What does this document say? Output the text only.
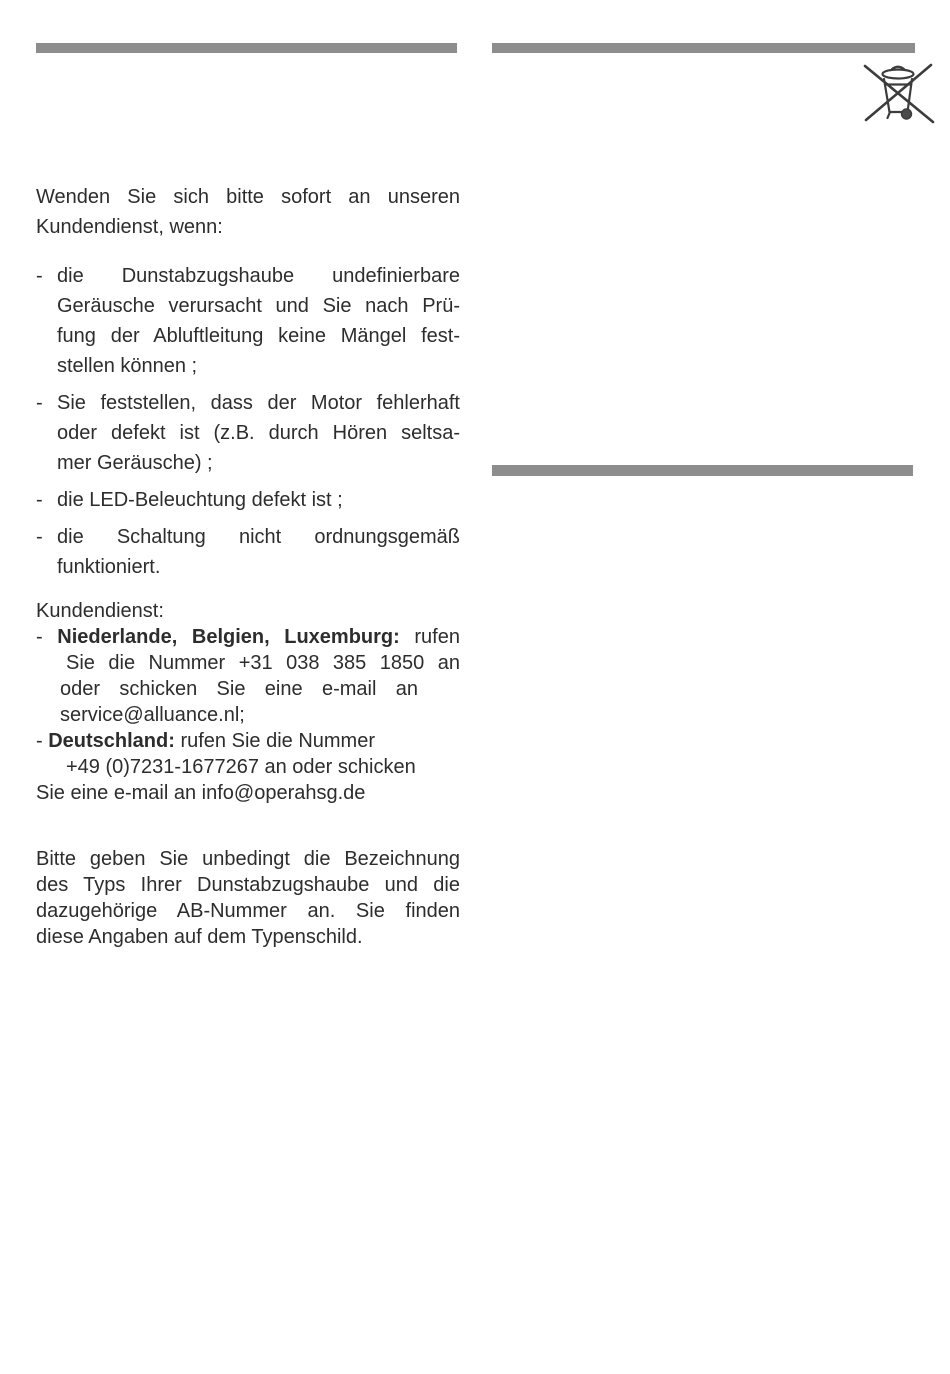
Wenden Sie sich bitte sofort an unseren
Kundendienst, wenn:
- die Dunstabzugshaube undefinierbare
Geräusche verursacht und Sie nach Prü-
fung der Abluftleitung keine Mängel fest-
stellen können ;
- Sie feststellen, dass der Motor fehlerhaft
oder defekt ist (z.B. durch Hören seltsa-
mer Geräusche) ;
- die LED-Beleuchtung defekt ist ;
- die Schaltung nicht ordnungsgemäß
funktioniert.
Kundendienst:
- Niederlande, Belgien, Luxemburg: rufen
Sie die Nummer +31 038 385 1850 an
oder schicken Sie eine e-mail an
service@alluance.nl;
- Deutschland: rufen Sie die Nummer
+49 (0)7231-1677267 an oder schicken
Sie eine e-mail an info@operahsg.de
Bitte geben Sie unbedingt die Bezeichnung
des Typs Ihrer Dunstabzugshaube und die
dazugehörige AB-Nummer an. Sie finden
diese Angaben auf dem Typenschild.
